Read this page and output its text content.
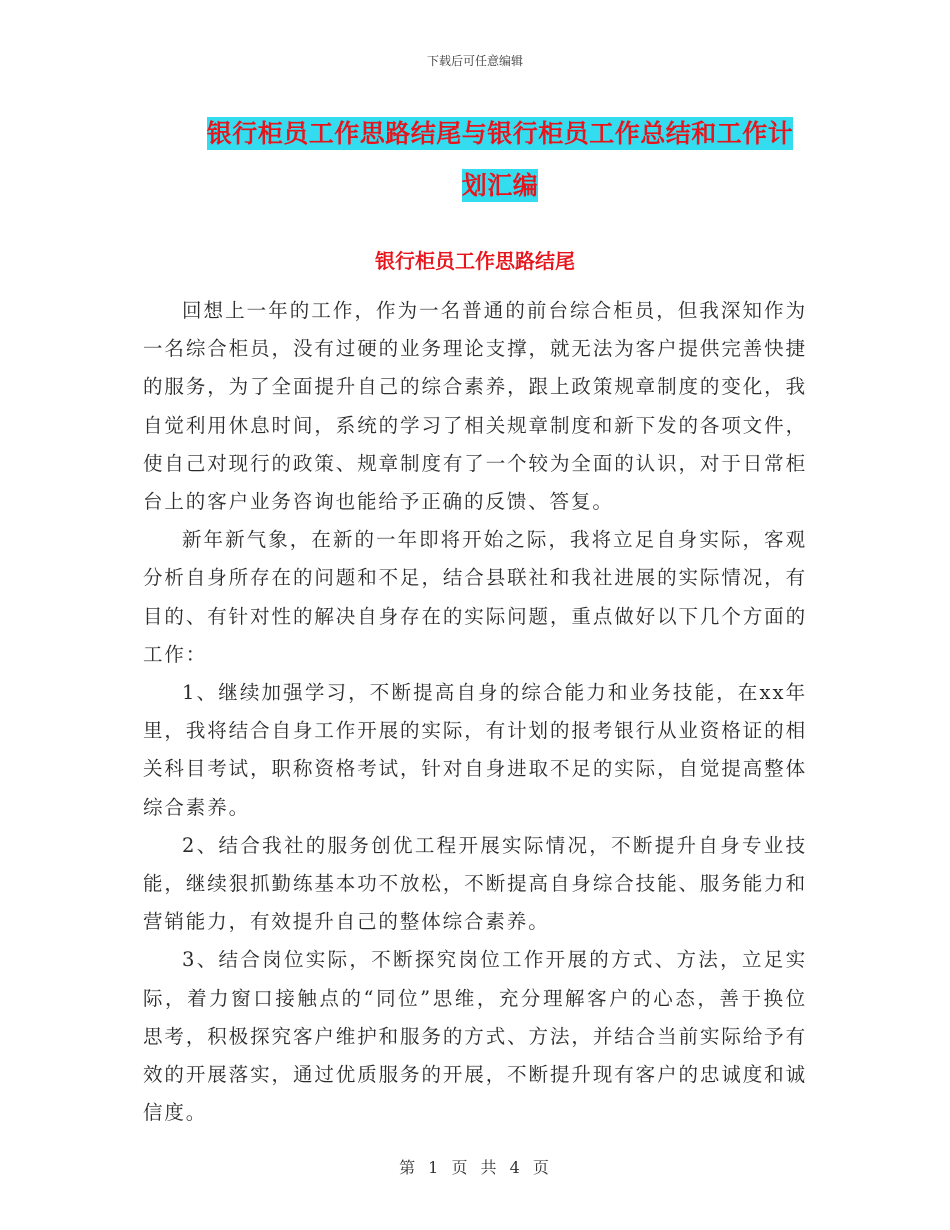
下载后可任意编辑
银行柜员工作思路结尾与银行柜员工作总结和工作计
划汇编
银行柜员工作思路结尾

回想上一年的工作，作为一名普通的前台综合柜员，但我深知作为一名综合柜员，没有过硬的业务理论支撑，就无法为客户提供完善快捷的服务，为了全面提升自己的综合素养，跟上政策规章制度的变化，我自觉利用休息时间，系统的学习了相关规章制度和新下发的各项文件，使自己对现行的政策、规章制度有了一个较为全面的认识，对于日常柜台上的客户业务咨询也能给予正确的反馈、答复。

新年新气象，在新的一年即将开始之际，我将立足自身实际，客观分析自身所存在的问题和不足，结合县联社和我社进展的实际情况，有目的、有针对性的解决自身存在的实际问题，重点做好以下几个方面的工作：

1、继续加强学习，不断提高自身的综合能力和业务技能，在xx年里，我将结合自身工作开展的实际，有计划的报考银行从业资格证的相关科目考试，职称资格考试，针对自身进取不足的实际，自觉提高整体综合素养。

2、结合我社的服务创优工程开展实际情况，不断提升自身专业技能，继续狠抓勤练基本功不放松，不断提高自身综合技能、服务能力和营销能力，有效提升自己的整体综合素养。

3、结合岗位实际，不断探究岗位工作开展的方式、方法，立足实际，着力窗口接触点的“同位”思维，充分理解客户的心态，善于换位思考，积极探究客户维护和服务的方式、方法，并结合当前实际给予有效的开展落实，通过优质服务的开展，不断提升现有客户的忠诚度和诚信度。

第 1 页 共 4 页
